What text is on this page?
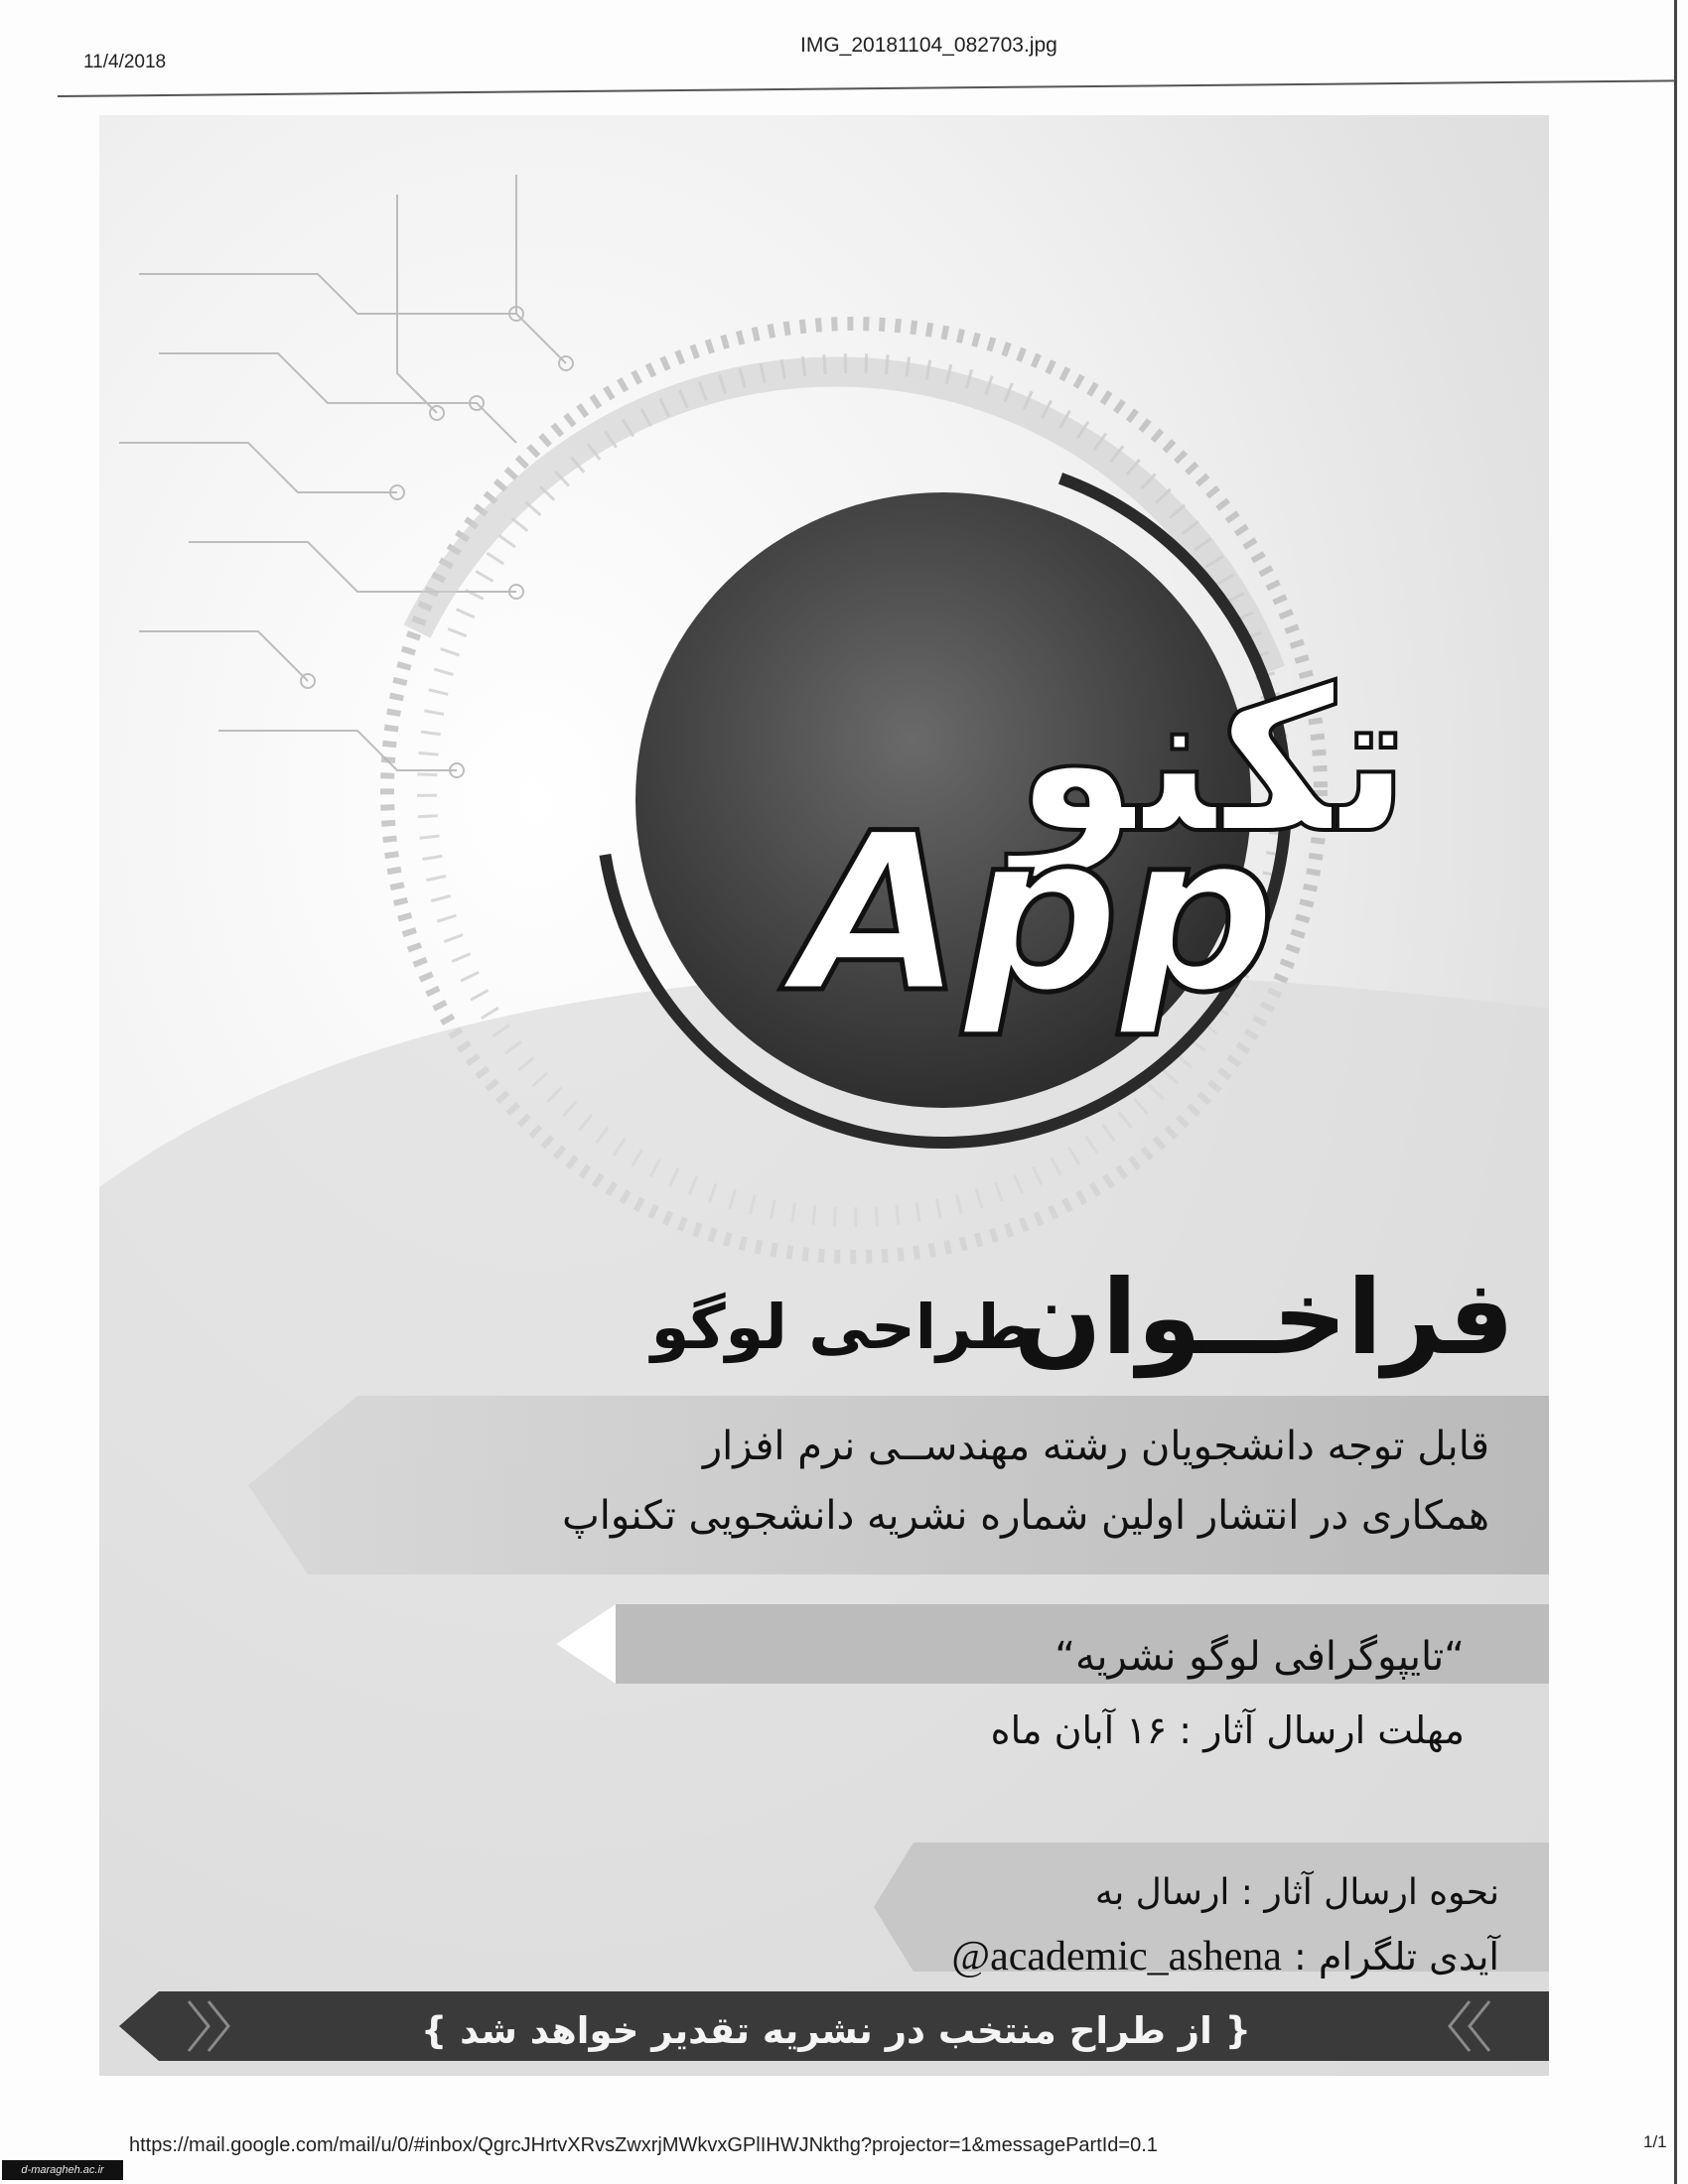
11/4/2018
IMG_20181104_082703.jpg
تکنو
App
فراخــوان
طراحی لوگو
قابل توجه دانشجویان رشته مهندســی نرم افزار
همکاری در انتشار اولین شماره نشریه دانشجویی تکنواپ
“تایپوگرافی لوگو نشریه“
مهلت ارسال آثار : ۱۶ آبان ماه
نحوه ارسال آثار : ارسال به
آیدی تلگرام : @academic_ashena
{ از طراح منتخب در نشریه تقدیر خواهد شد }
https://mail.google.com/mail/u/0/#inbox/QgrcJHrtvXRvsZwxrjMWkvxGPlIHWJNkthg?projector=1&messagePartId=0.1	1/1
d-maragheh.ac.ir
